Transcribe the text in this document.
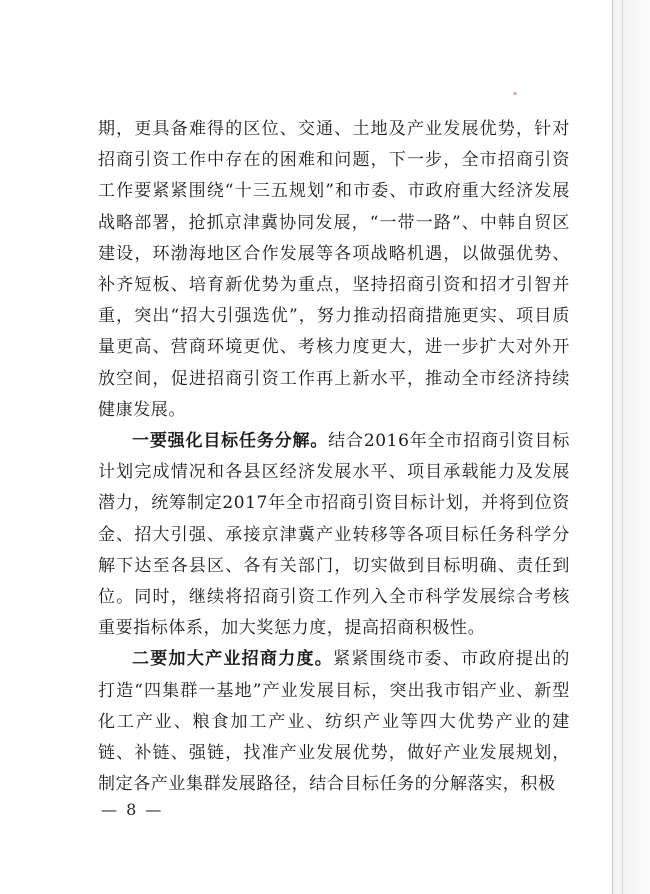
期，更具备难得的区位、交通、土地及产业发展优势，针对招商引资工作中存在的困难和问题，下一步，全市招商引资工作要紧紧围绕“十三五规划”和市委、市政府重大经济发展战略部署，抢抓京津冀协同发展，“一带一路”、中韩自贸区建设，环渤海地区合作发展等各项战略机遇，以做强优势、补齐短板、培育新优势为重点，坚持招商引资和招才引智并重，突出“招大引强选优”，努力推动招商措施更实、项目质量更高、营商环境更优、考核力度更大，进一步扩大对外开放空间，促进招商引资工作再上新水平，推动全市经济持续健康发展。

一要强化目标任务分解。结合2016年全市招商引资目标计划完成情况和各县区经济发展水平、项目承载能力及发展潜力，统筹制定2017年全市招商引资目标计划，并将到位资金、招大引强、承接京津冀产业转移等各项目标任务科学分解下达至各县区、各有关部门，切实做到目标明确、责任到位。同时，继续将招商引资工作列入全市科学发展综合考核重要指标体系，加大奖惩力度，提高招商积极性。

二要加大产业招商力度。紧紧围绕市委、市政府提出的打造“四集群一基地”产业发展目标，突出我市铝产业、新型化工产业、粮食加工产业、纺织产业等四大优势产业的建链、补链、强链，找准产业发展优势，做好产业发展规划，制定各产业集群发展路径，结合目标任务的分解落实，积极

— 8 —
